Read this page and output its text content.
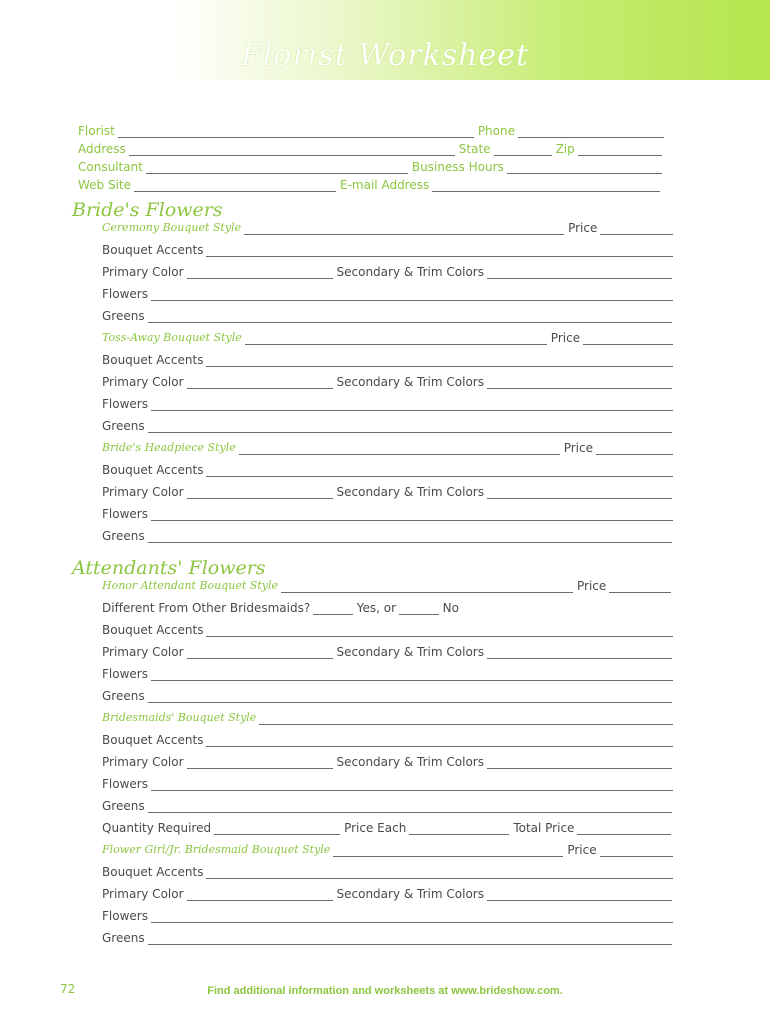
Florist Worksheet
Florist	Phone
Address	State	Zip
Consultant	Business Hours
Web Site	E-mail Address
Bride's Flowers
Ceremony Bouquet Style	Price
Bouquet Accents
Primary Color	Secondary & Trim Colors
Flowers
Greens
Toss-Away Bouquet Style	Price
Bouquet Accents
Primary Color	Secondary & Trim Colors
Flowers
Greens
Bride's Headpiece Style	Price
Bouquet Accents
Primary Color	Secondary & Trim Colors
Flowers
Greens
Attendants' Flowers
Honor Attendant Bouquet Style	Price
Different From Other Bridesmaids?	Yes, or	No
Bouquet Accents
Primary Color	Secondary & Trim Colors
Flowers
Greens
Bridesmaids' Bouquet Style
Bouquet Accents
Primary Color	Secondary & Trim Colors
Flowers
Greens
Quantity Required	Price Each	Total Price
Flower Girl/Jr. Bridesmaid Bouquet Style	Price
Bouquet Accents
Primary Color	Secondary & Trim Colors
Flowers
Greens
72	Find additional information and worksheets at www.brideshow.com.
